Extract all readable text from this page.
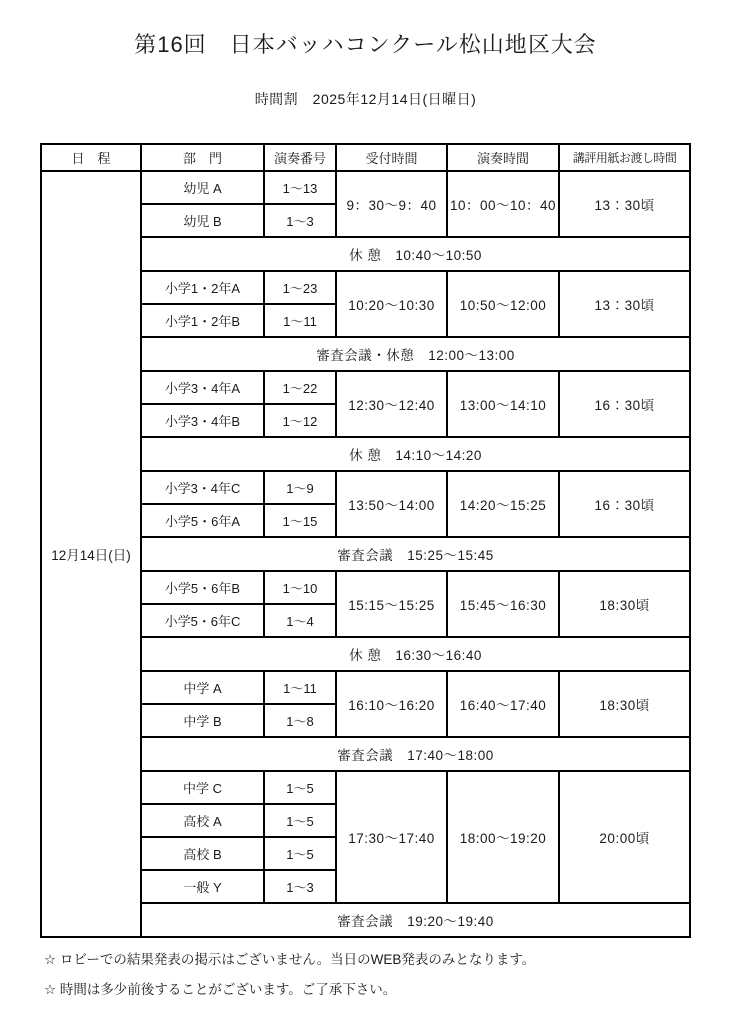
第16回　日本バッハコンクール松山地区大会
時間割　2025年12月14日(日曜日)
日　程	部　門	演奏番号	受付時間	演奏時間	講評用紙お渡し時間
12月14日(日)	幼児 A	1～13	9：30～9：40	10：00～10：40	13：30頃
	幼児 B	1～3			
	休 憩　10:40～10:50				
	小学1・2年A	1～23	10:20～10:30	10:50～12:00	13：30頃
	小学1・2年B	1～11			
	審査会議・休憩　12:00～13:00				
	小学3・4年A	1～22	12:30～12:40	13:00～14:10	16：30頃
	小学3・4年B	1～12			
	休 憩　14:10～14:20				
	小学3・4年C	1～9	13:50～14:00	14:20～15:25	16：30頃
	小学5・6年A	1～15			
	審査会議　15:25～15:45				
	小学5・6年B	1～10	15:15～15:25	15:45～16:30	18:30頃
	小学5・6年C	1～4			
	休 憩　16:30～16:40				
	中学 A	1～11	16:10～16:20	16:40～17:40	18:30頃
	中学 B	1～8			
	審査会議　17:40～18:00				
	中学 C	1～5	17:30～17:40	18:00～19:20	20:00頃
	高校 A	1～5			
	高校 B	1～5			
	一般 Y	1～3			
	審査会議　19:20～19:40				
☆ ロビーでの結果発表の掲示はございません。当日のWEB発表のみとなります。
☆ 時間は多少前後することがございます。ご了承下さい。
